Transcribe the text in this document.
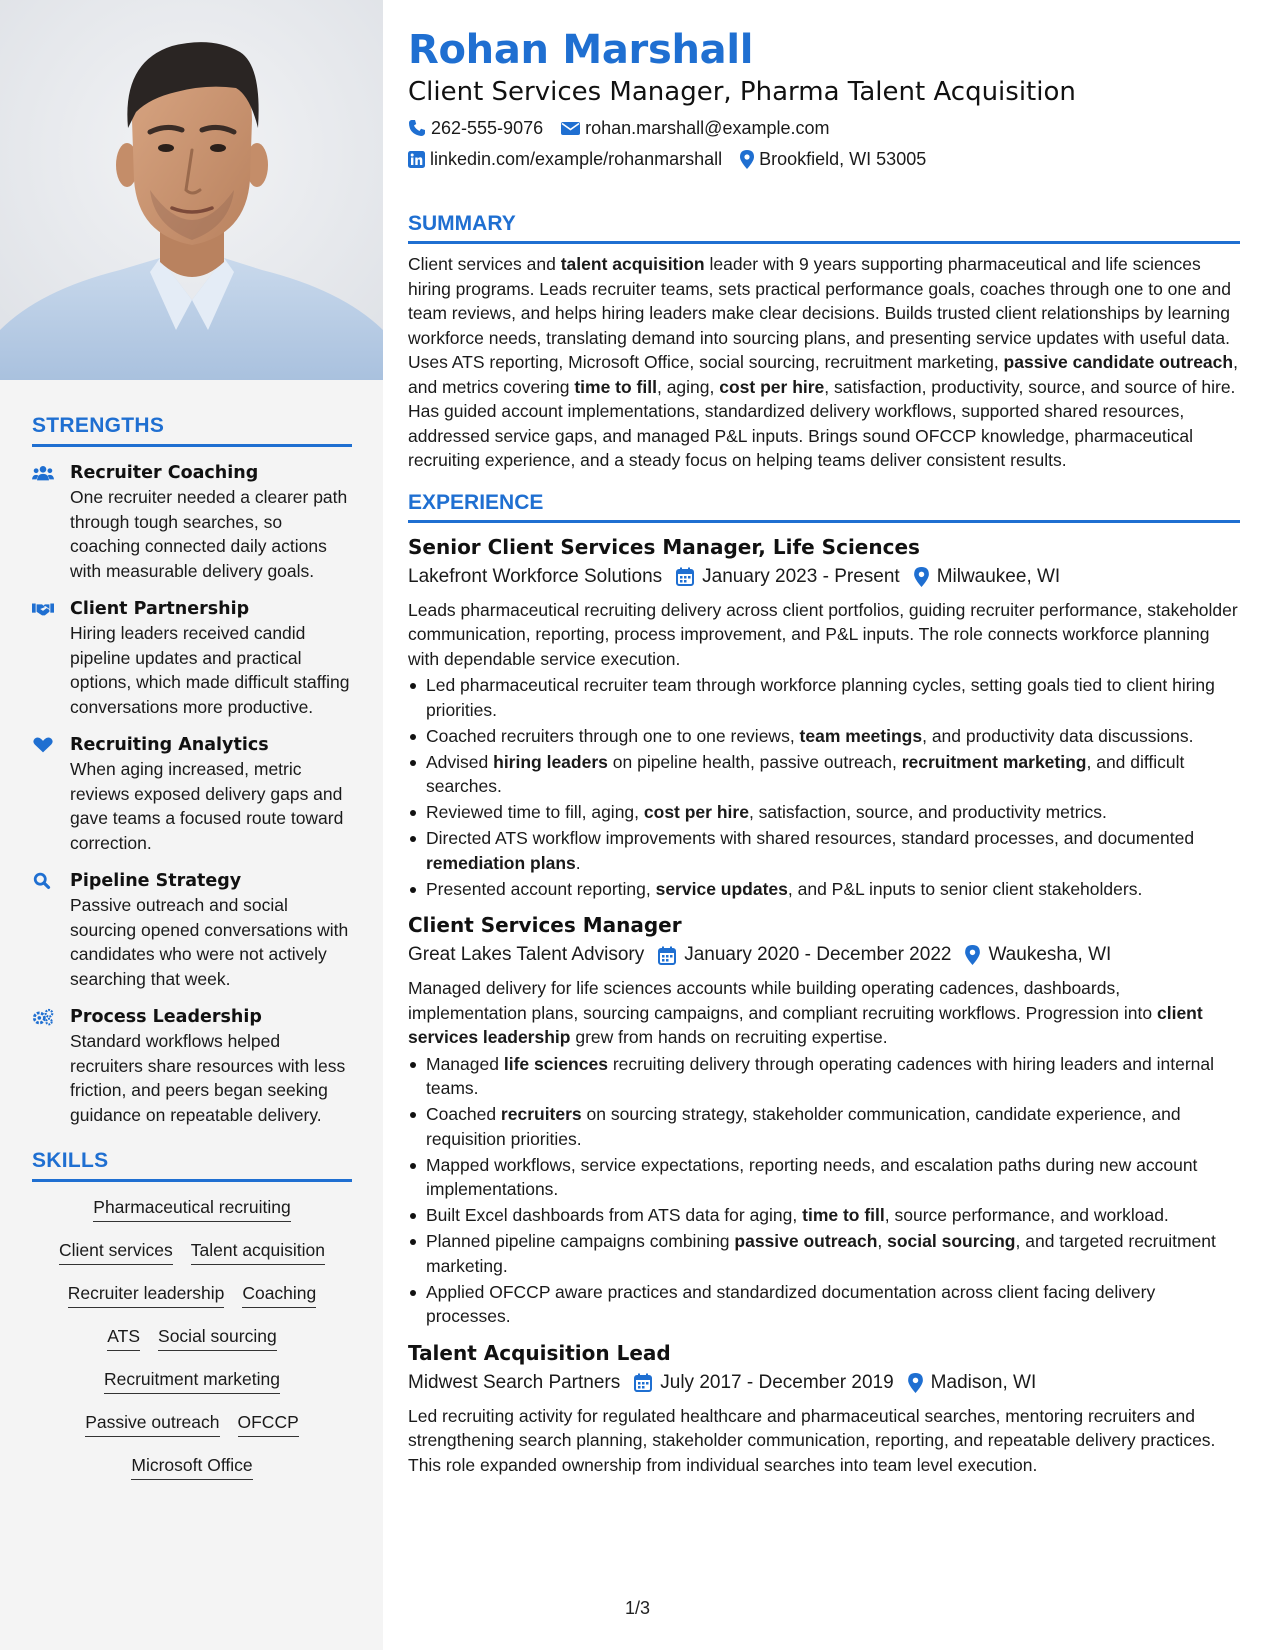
STRENGTHS
Recruiter Coaching
One recruiter needed a clearer path through tough searches, so coaching connected daily actions with measurable delivery goals.
Client Partnership
Hiring leaders received candid pipeline updates and practical options, which made difficult staffing conversations more productive.
Recruiting Analytics
When aging increased, metric reviews exposed delivery gaps and gave teams a focused route toward correction.
Pipeline Strategy
Passive outreach and social sourcing opened conversations with candidates who were not actively searching that week.
Process Leadership
Standard workflows helped recruiters share resources with less friction, and peers began seeking guidance on repeatable delivery.
SKILLS
Pharmaceutical recruiting
Client services Talent acquisition
Recruiter leadership Coaching
ATS Social sourcing
Recruitment marketing
Passive outreach OFCCP
Microsoft Office
Rohan Marshall
Client Services Manager, Pharma Talent Acquisition
262-555-9076 rohan.marshall@example.com
linkedin.com/example/rohanmarshall Brookfield, WI 53005
SUMMARY
Client services and talent acquisition leader with 9 years supporting pharmaceutical and life sciences hiring programs. Leads recruiter teams, sets practical performance goals, coaches through one to one and team reviews, and helps hiring leaders make clear decisions. Builds trusted client relationships by learning workforce needs, translating demand into sourcing plans, and presenting service updates with useful data. Uses ATS reporting, Microsoft Office, social sourcing, recruitment marketing, passive candidate outreach, and metrics covering time to fill, aging, cost per hire, satisfaction, productivity, source, and source of hire. Has guided account implementations, standardized delivery workflows, supported shared resources, addressed service gaps, and managed P&L inputs. Brings sound OFCCP knowledge, pharmaceutical recruiting experience, and a steady focus on helping teams deliver consistent results.
EXPERIENCE
Senior Client Services Manager, Life Sciences
Lakefront Workforce Solutions January 2023 - Present Milwaukee, WI
Leads pharmaceutical recruiting delivery across client portfolios, guiding recruiter performance, stakeholder communication, reporting, process improvement, and P&L inputs. The role connects workforce planning with dependable service execution.
Led pharmaceutical recruiter team through workforce planning cycles, setting goals tied to client hiring priorities.
Coached recruiters through one to one reviews, team meetings, and productivity data discussions.
Advised hiring leaders on pipeline health, passive outreach, recruitment marketing, and difficult searches.
Reviewed time to fill, aging, cost per hire, satisfaction, source, and productivity metrics.
Directed ATS workflow improvements with shared resources, standard processes, and documented remediation plans.
Presented account reporting, service updates, and P&L inputs to senior client stakeholders.
Client Services Manager
Great Lakes Talent Advisory January 2020 - December 2022 Waukesha, WI
Managed delivery for life sciences accounts while building operating cadences, dashboards, implementation plans, sourcing campaigns, and compliant recruiting workflows. Progression into client services leadership grew from hands on recruiting expertise.
Managed life sciences recruiting delivery through operating cadences with hiring leaders and internal teams.
Coached recruiters on sourcing strategy, stakeholder communication, candidate experience, and requisition priorities.
Mapped workflows, service expectations, reporting needs, and escalation paths during new account implementations.
Built Excel dashboards from ATS data for aging, time to fill, source performance, and workload.
Planned pipeline campaigns combining passive outreach, social sourcing, and targeted recruitment marketing.
Applied OFCCP aware practices and standardized documentation across client facing delivery processes.
Talent Acquisition Lead
Midwest Search Partners July 2017 - December 2019 Madison, WI
Led recruiting activity for regulated healthcare and pharmaceutical searches, mentoring recruiters and strengthening search planning, stakeholder communication, reporting, and repeatable delivery practices. This role expanded ownership from individual searches into team level execution.
1/3
